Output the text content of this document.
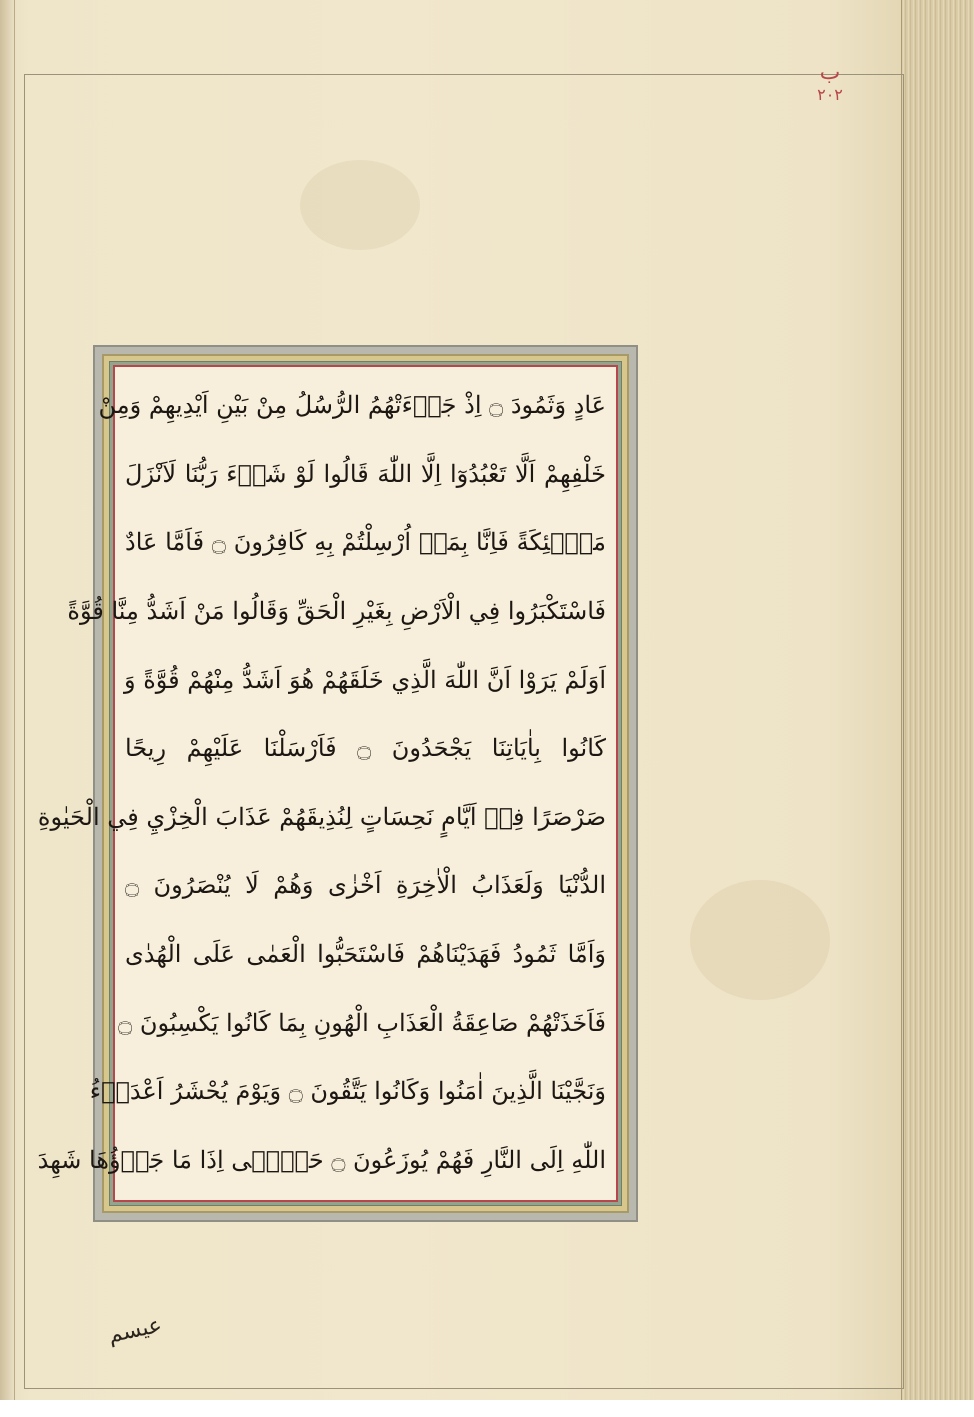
ب
٢٠٢
عَادٍ وَثَمُودَ ۝ اِذْ جَاۤءَتْهُمُ الرُّسُلُ مِنْ بَيْنِ اَيْدِيهِمْ وَمِنْ
خَلْفِهِمْ اَلَّا تَعْبُدُوٓا اِلَّا اللّٰهَ قَالُوا لَوْ شَاۤءَ رَبُّنَا لَاَنْزَلَ
مَلٰۤئِكَةً فَاِنَّا بِمَاۤ اُرْسِلْتُمْ بِهِ كَافِرُونَ ۝ فَاَمَّا عَادٌ
فَاسْتَكْبَرُوا فِي الْاَرْضِ بِغَيْرِ الْحَقِّ وَقَالُوا مَنْ اَشَدُّ مِنَّا قُوَّةً
اَوَلَمْ يَرَوْا اَنَّ اللّٰهَ الَّذِي خَلَقَهُمْ هُوَ اَشَدُّ مِنْهُمْ قُوَّةً وَ
كَانُوا بِاٰيَاتِنَا يَجْحَدُونَ ۝ فَاَرْسَلْنَا عَلَيْهِمْ رِيحًا
صَرْصَرًا فِيۤ اَيَّامٍ نَحِسَاتٍ لِنُذِيقَهُمْ عَذَابَ الْخِزْيِ فِي الْحَيٰوةِ
الدُّنْيَا وَلَعَذَابُ الْاٰخِرَةِ اَخْزٰى وَهُمْ لَا يُنْصَرُونَ ۝
وَاَمَّا ثَمُودُ فَهَدَيْنَاهُمْ فَاسْتَحَبُّوا الْعَمٰى عَلَى الْهُدٰى
فَاَخَذَتْهُمْ صَاعِقَةُ الْعَذَابِ الْهُونِ بِمَا كَانُوا يَكْسِبُونَ ۝
وَنَجَّيْنَا الَّذِينَ اٰمَنُوا وَكَانُوا يَتَّقُونَ ۝ وَيَوْمَ يُحْشَرُ اَعْدَاۤءُ
اللّٰهِ اِلَى النَّارِ فَهُمْ يُوزَعُونَ ۝ حَتّٰۤى اِذَا مَا جَاۤؤُهَا شَهِدَ
عيسم
